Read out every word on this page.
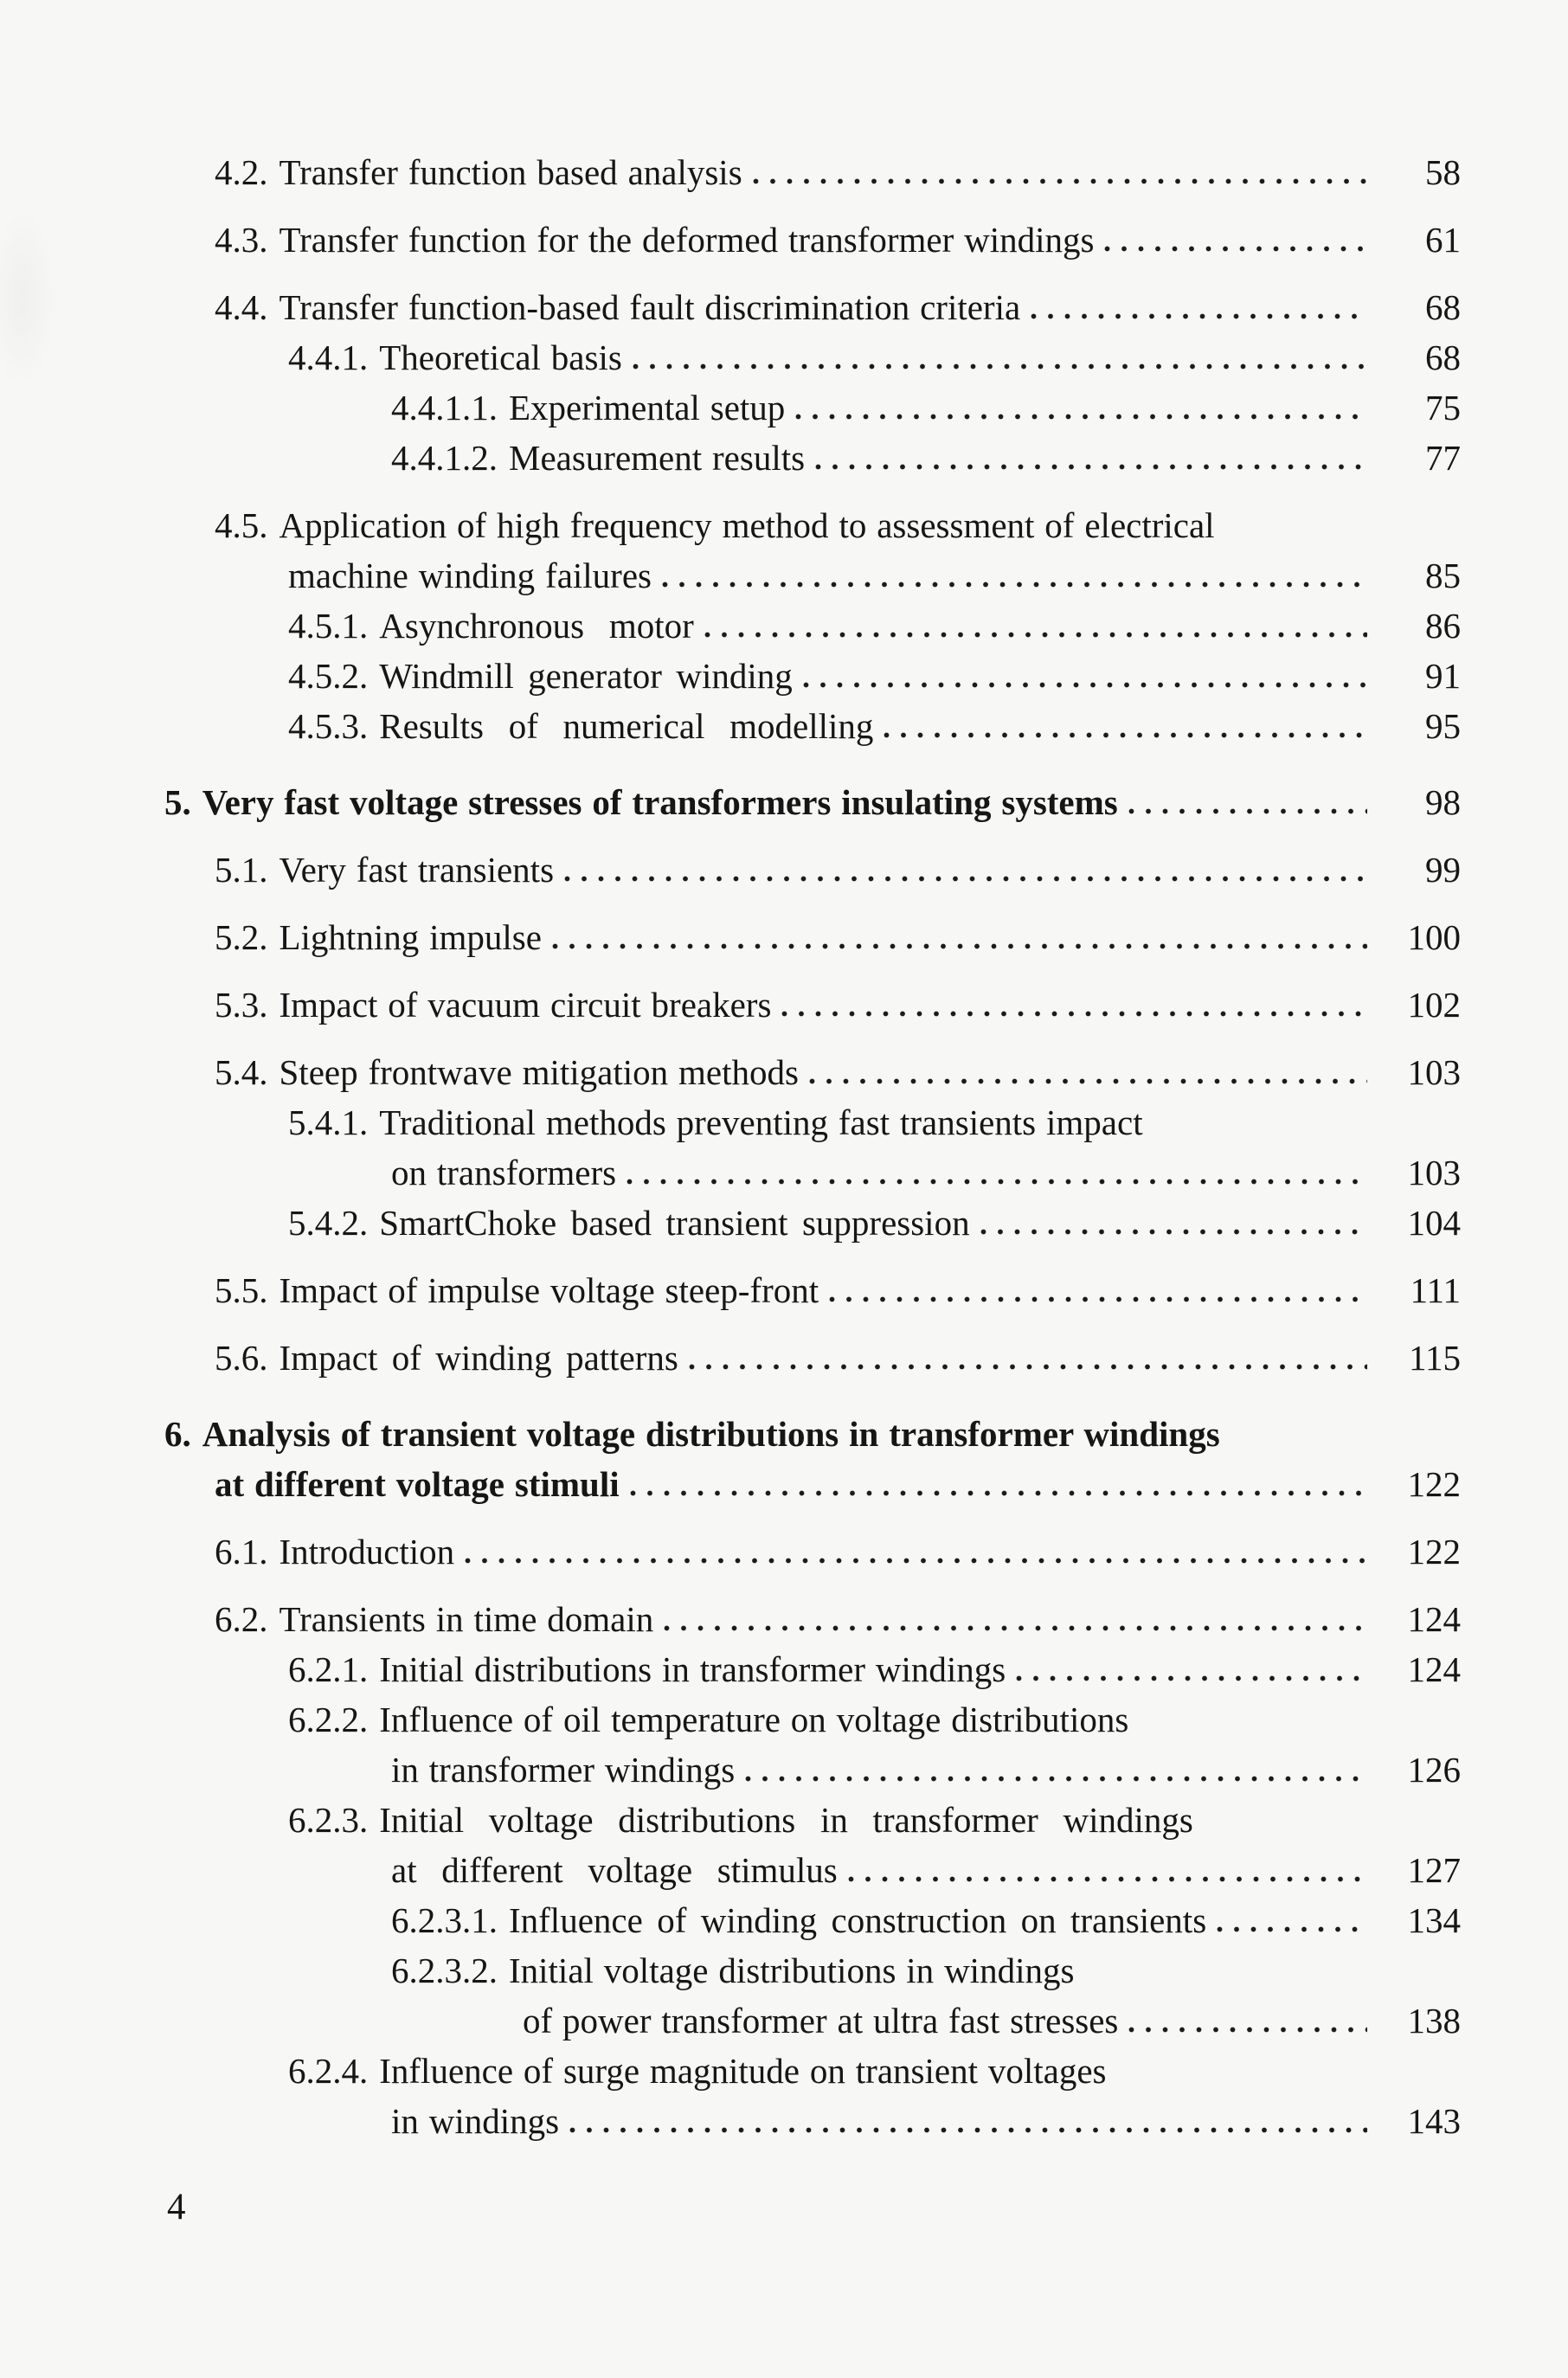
4.2. Transfer function based analysis	58
4.3. Transfer function for the deformed transformer windings	61
4.4. Transfer function-based fault discrimination criteria	68
4.4.1. Theoretical basis	68
4.4.1.1. Experimental setup	75
4.4.1.2. Measurement results	77
4.5. Application of high frequency method to assessment of electrical
machine winding failures	85
4.5.1. Asynchronous motor	86
4.5.2. Windmill generator winding	91
4.5.3. Results of numerical modelling	95
5. Very fast voltage stresses of transformers insulating systems	98
5.1. Very fast transients	99
5.2. Lightning impulse	100
5.3. Impact of vacuum circuit breakers	102
5.4. Steep frontwave mitigation methods	103
5.4.1. Traditional methods preventing fast transients impact
on transformers	103
5.4.2. SmartChoke based transient suppression	104
5.5. Impact of impulse voltage steep-front	111
5.6. Impact of winding patterns	115
6. Analysis of transient voltage distributions in transformer windings
at different voltage stimuli	122
6.1. Introduction	122
6.2. Transients in time domain	124
6.2.1. Initial distributions in transformer windings	124
6.2.2. Influence of oil temperature on voltage distributions
in transformer windings	126
6.2.3. Initial voltage distributions in transformer windings
at different voltage stimulus	127
6.2.3.1. Influence of winding construction on transients	134
6.2.3.2. Initial voltage distributions in windings
of power transformer at ultra fast stresses	138
6.2.4. Influence of surge magnitude on transient voltages
in windings	143
4
